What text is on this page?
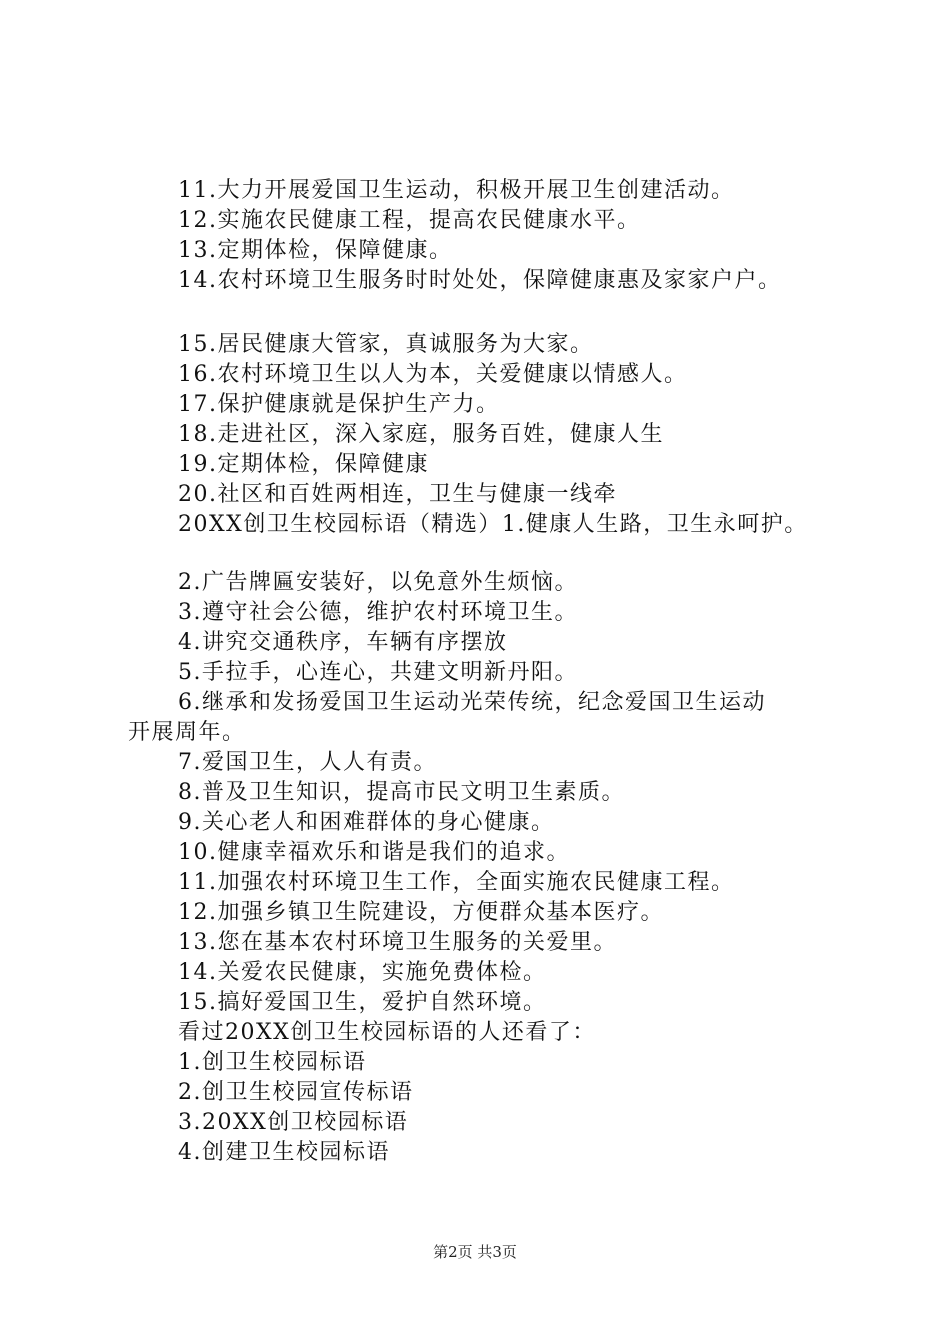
11.大力开展爱国卫生运动，积极开展卫生创建活动。
12.实施农民健康工程，提高农民健康水平。
13.定期体检，保障健康。
14.农村环境卫生服务时时处处，保障健康惠及家家户户。
15.居民健康大管家，真诚服务为大家。
16.农村环境卫生以人为本，关爱健康以情感人。
17.保护健康就是保护生产力。
18.走进社区，深入家庭，服务百姓，健康人生
19.定期体检，保障健康
20.社区和百姓两相连，卫生与健康一线牵
20XX创卫生校园标语（精选）1.健康人生路，卫生永呵护。
2.广告牌匾安装好，以免意外生烦恼。
3.遵守社会公德，维护农村环境卫生。
4.讲究交通秩序，车辆有序摆放
5.手拉手，心连心，共建文明新丹阳。
6.继承和发扬爱国卫生运动光荣传统，纪念爱国卫生运动
开展周年。
7.爱国卫生，人人有责。
8.普及卫生知识，提高市民文明卫生素质。
9.关心老人和困难群体的身心健康。
10.健康幸福欢乐和谐是我们的追求。
11.加强农村环境卫生工作，全面实施农民健康工程。
12.加强乡镇卫生院建设，方便群众基本医疗。
13.您在基本农村环境卫生服务的关爱里。
14.关爱农民健康，实施免费体检。
15.搞好爱国卫生，爱护自然环境。
看过20XX创卫生校园标语的人还看了：
1.创卫生校园标语
2.创卫生校园宣传标语
3.20XX创卫校园标语
4.创建卫生校园标语
第2页 共3页
